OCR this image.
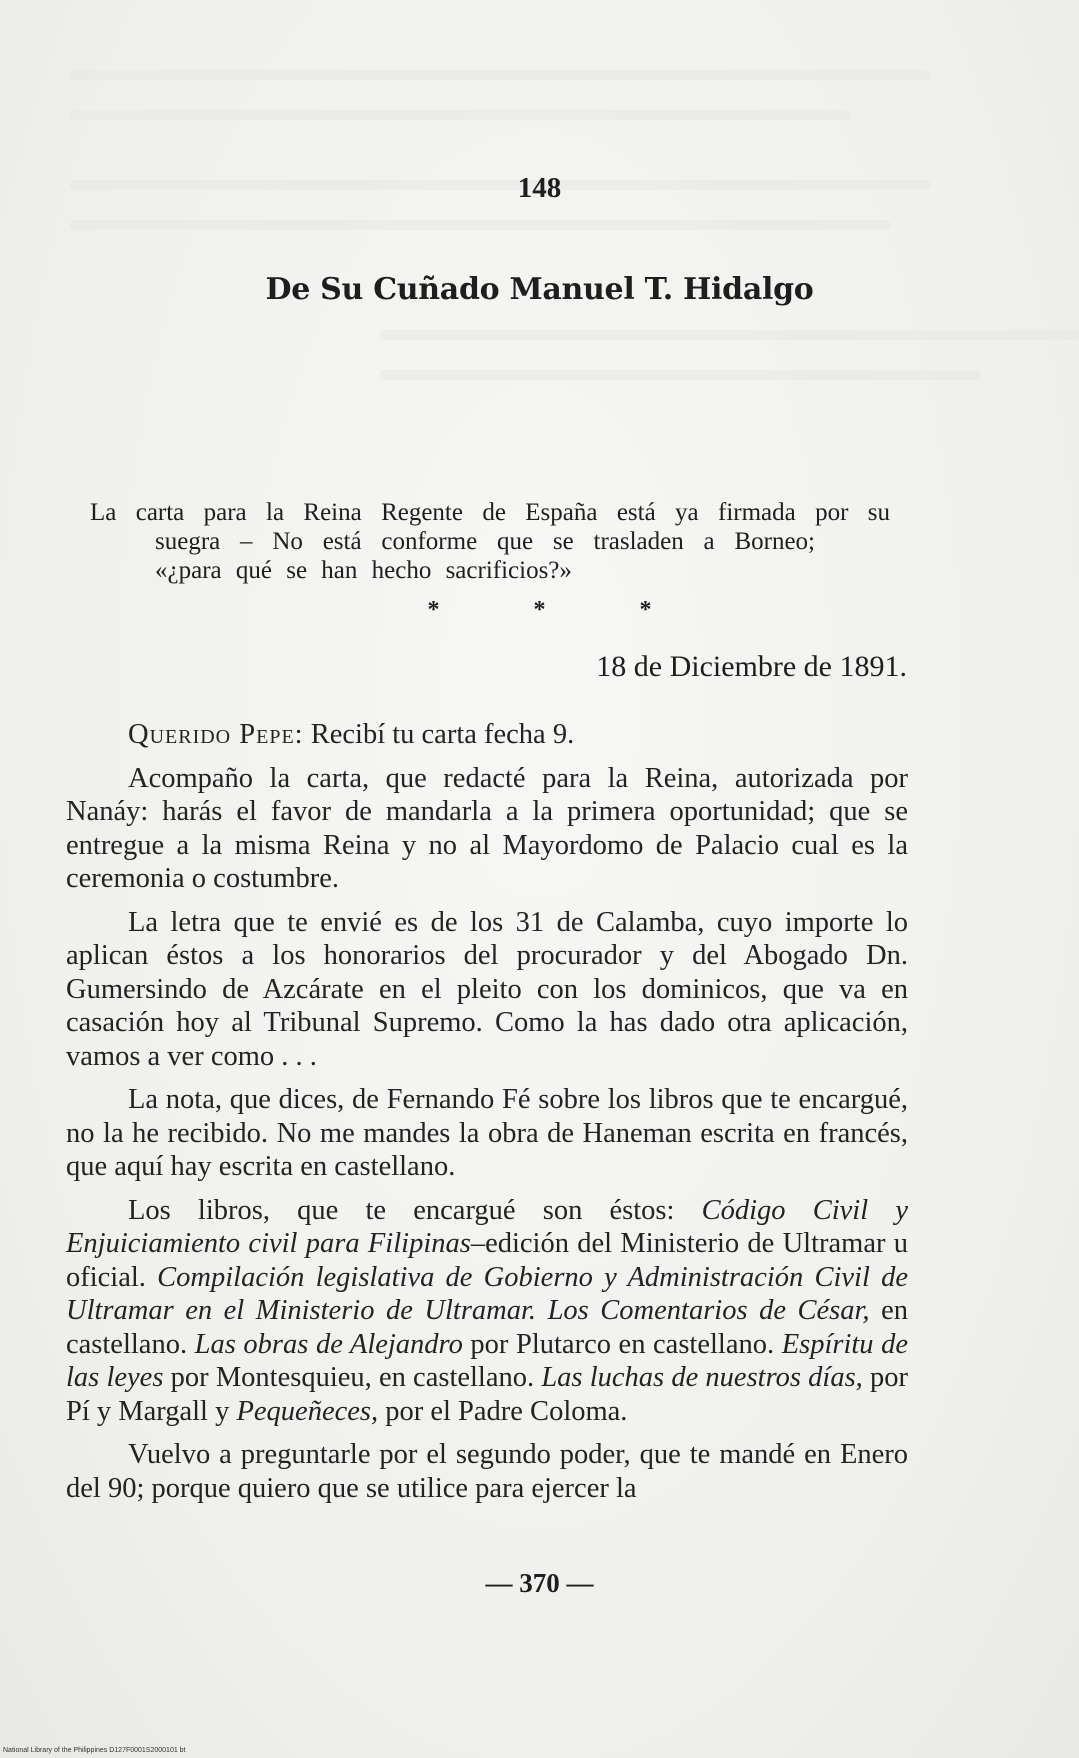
148
De Su Cuñado Manuel T. Hidalgo
La carta para la Reina Regente de España está ya firmada por su
suegra – No está conforme que se trasladen a Borneo;
«¿para qué se han hecho sacrificios?»
* * *
18 de Diciembre de 1891.

Querido Pepe: Recibí tu carta fecha 9.

Acompaño la carta, que redacté para la Reina, autorizada por Nanáy: harás el favor de mandarla a la primera oportunidad; que se entregue a la misma Reina y no al Mayordomo de Palacio cual es la ceremonia o costumbre.

La letra que te envié es de los 31 de Calamba, cuyo importe lo aplican éstos a los honorarios del procurador y del Abogado Dn. Gumersindo de Azcárate en el pleito con los dominicos, que va en casación hoy al Tribunal Supremo. Como la has dado otra aplicación, vamos a ver como . . .

La nota, que dices, de Fernando Fé sobre los libros que te encargué, no la he recibido. No me mandes la obra de Haneman escrita en francés, que aquí hay escrita en castellano.

Los libros, que te encargué son éstos: Código Civil y Enjuiciamiento civil para Filipinas–edición del Ministerio de Ultramar u oficial. Compilación legislativa de Gobierno y Administración Civil de Ultramar en el Ministerio de Ultramar. Los Comentarios de César, en castellano. Las obras de Alejandro por Plutarco en castellano. Espíritu de las leyes por Montesquieu, en castellano. Las luchas de nuestros días, por Pí y Margall y Pequeñeces, por el Padre Coloma.

Vuelvo a preguntarle por el segundo poder, que te mandé en Enero del 90; porque quiero que se utilice para ejercer la

— 370 —
National Library of the Philippines D127F0001S2000101 bt
